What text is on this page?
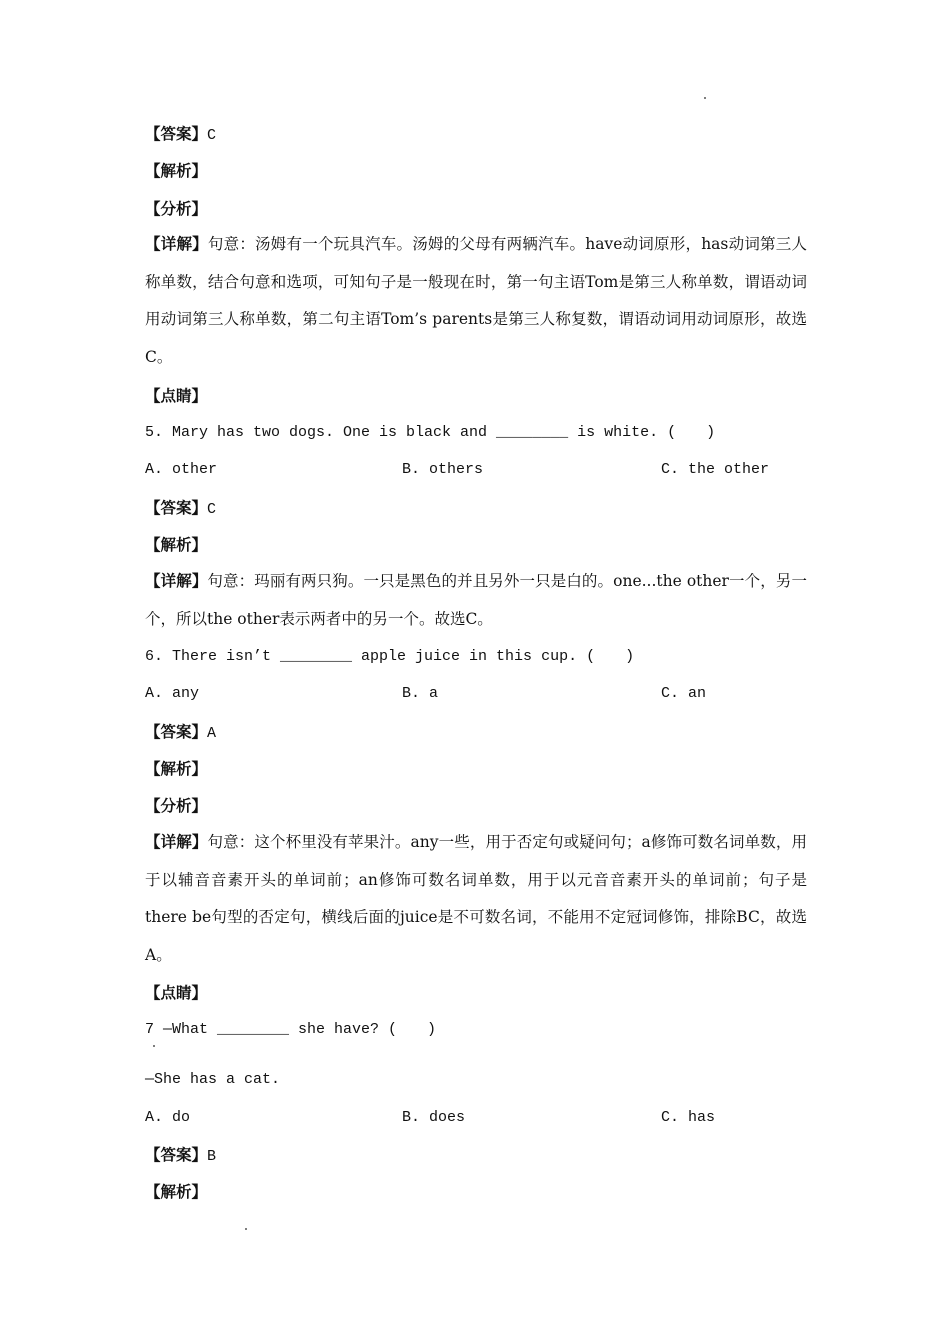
【答案】C
【解析】
【分析】
【详解】句意：汤姆有一个玩具汽车。汤姆的父母有两辆汽车。have动词原形，has动词第三人称单数，结合句意和选项，可知句子是一般现在时，第一句主语Tom是第三人称单数，谓语动词用动词第三人称单数，第二句主语Tom’s parents是第三人称复数，谓语动词用动词原形，故选C。
【点睛】
5. Mary has two dogs. One is black and ________ is white. (　　)
A. other	B. others	C. the other
【答案】C
【解析】
【详解】句意：玛丽有两只狗。一只是黑色的并且另外一只是白的。one...the other一个，另一个，所以the other表示两者中的另一个。故选C。
6. There isn’t ________ apple juice in this cup. (　　)
A. any	B. a	C. an
【答案】A
【解析】
【分析】
【详解】句意：这个杯里没有苹果汁。any一些，用于否定句或疑问句；a修饰可数名词单数，用于以辅音音素开头的单词前；an修饰可数名词单数，用于以元音音素开头的单词前；句子是there be句型的否定句，横线后面的juice是不可数名词，不能用不定冠词修饰，排除BC，故选A。
【点睛】
7 —What ________ she have? (　　)
—She has a cat.
A. do	B. does	C. has
【答案】B
【解析】
